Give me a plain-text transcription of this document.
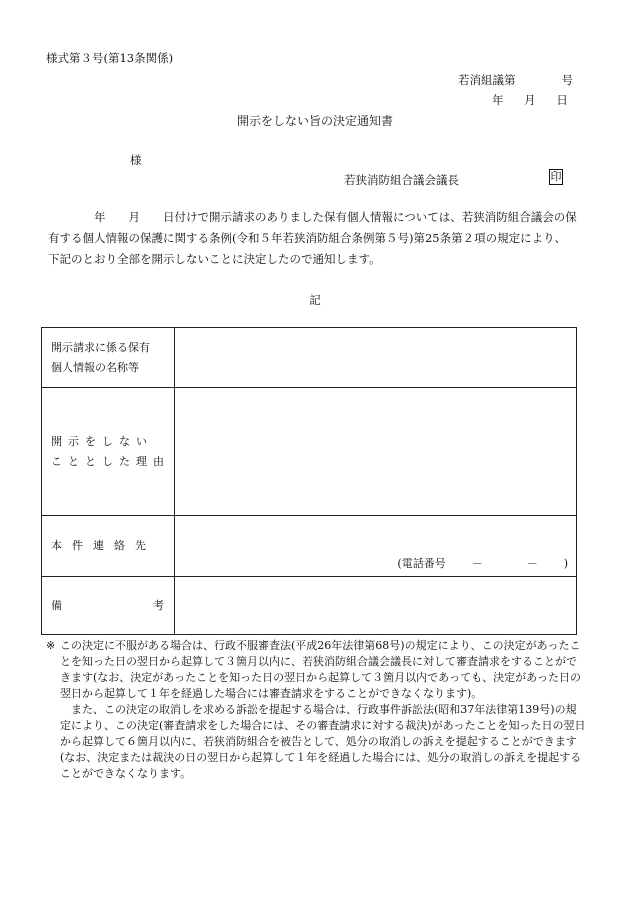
様式第３号(第13条関係)
若消組議第	号
年 月 日
開示をしない旨の決定通知書
様
若狭消防組合議会議長	印

　　　　年　　月　　日付けで開示請求のありました保有個人情報については、若狭消防組合議会の保

有する個人情報の保護に関する条例(令和５年若狭消防組合条例第５号)第25条第２項の規定により、

下記のとおり全部を開示しないことに決定したので通知します。

記
開示請求に係る保有
個人情報の名称等	

開示をしない
こととした理由	

本件連絡先	(電話番号 －　　　　－ )

備 考	

※ この決定に不服がある場合は、行政不服審査法(平成26年法律第68号)の規定により、この決定があったことを知った日の翌日から起算して３箇月以内に、若狭消防組合議会議長に対して審査請求をすることができます(なお、決定があったことを知った日の翌日から起算して３箇月以内であっても、決定があった日の翌日から起算して１年を経過した場合には審査請求をすることができなくなります)。

また、この決定の取消しを求める訴訟を提起する場合は、行政事件訴訟法(昭和37年法律第139号)の規定により、この決定(審査請求をした場合には、その審査請求に対する裁決)があったことを知った日の翌日から起算して６箇月以内に、若狭消防組合を被告として、処分の取消しの訴えを提起することができます(なお、決定または裁決の日の翌日から起算して１年を経過した場合には、処分の取消しの訴えを提起することができなくなります。
